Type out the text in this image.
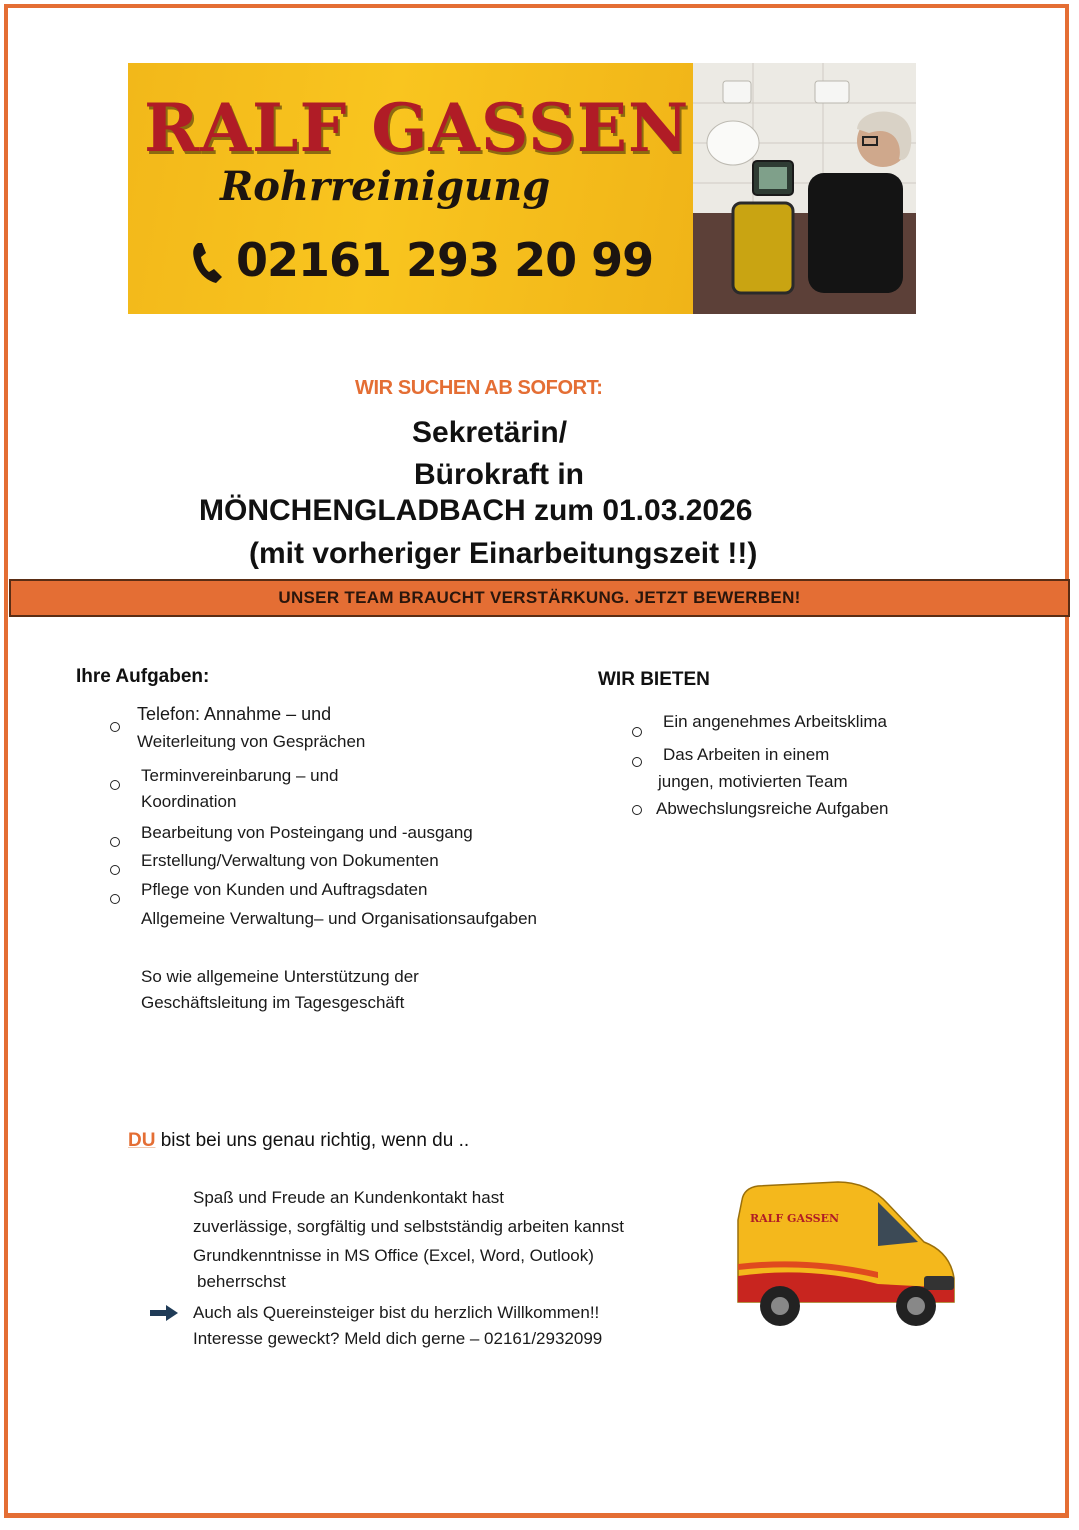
RALF GASSEN
Rohrreinigung
02161 293 20 99
WIR SUCHEN AB SOFORT:
Sekretärin/
Bürokraft in
MÖNCHENGLADBACH zum 01.03.2026
(mit vorheriger Einarbeitungszeit !!)
UNSER TEAM BRAUCHT VERSTÄRKUNG. JETZT BEWERBEN!
Ihre Aufgaben:
Telefon: Annahme – und
Weiterleitung von Gesprächen
Terminvereinbarung – und
Koordination
Bearbeitung von Posteingang und -ausgang
Erstellung/Verwaltung von Dokumenten
Pflege von Kunden und Auftragsdaten
Allgemeine Verwaltung– und Organisationsaufgaben
So wie allgemeine Unterstützung der
Geschäftsleitung im Tagesgeschäft
WIR BIETEN
Ein angenehmes Arbeitsklima
Das Arbeiten in einem
jungen, motivierten Team
Abwechslungsreiche Aufgaben
DU bist bei uns genau richtig, wenn du ..
Spaß und Freude an Kundenkontakt hast
zuverlässige, sorgfältig und selbstständig arbeiten kannst
Grundkenntnisse in MS Office (Excel, Word, Outlook)
beherrschst
Auch als Quereinsteiger bist du herzlich Willkommen!!
Interesse geweckt? Meld dich gerne – 02161/2932099
RALF GASSEN
